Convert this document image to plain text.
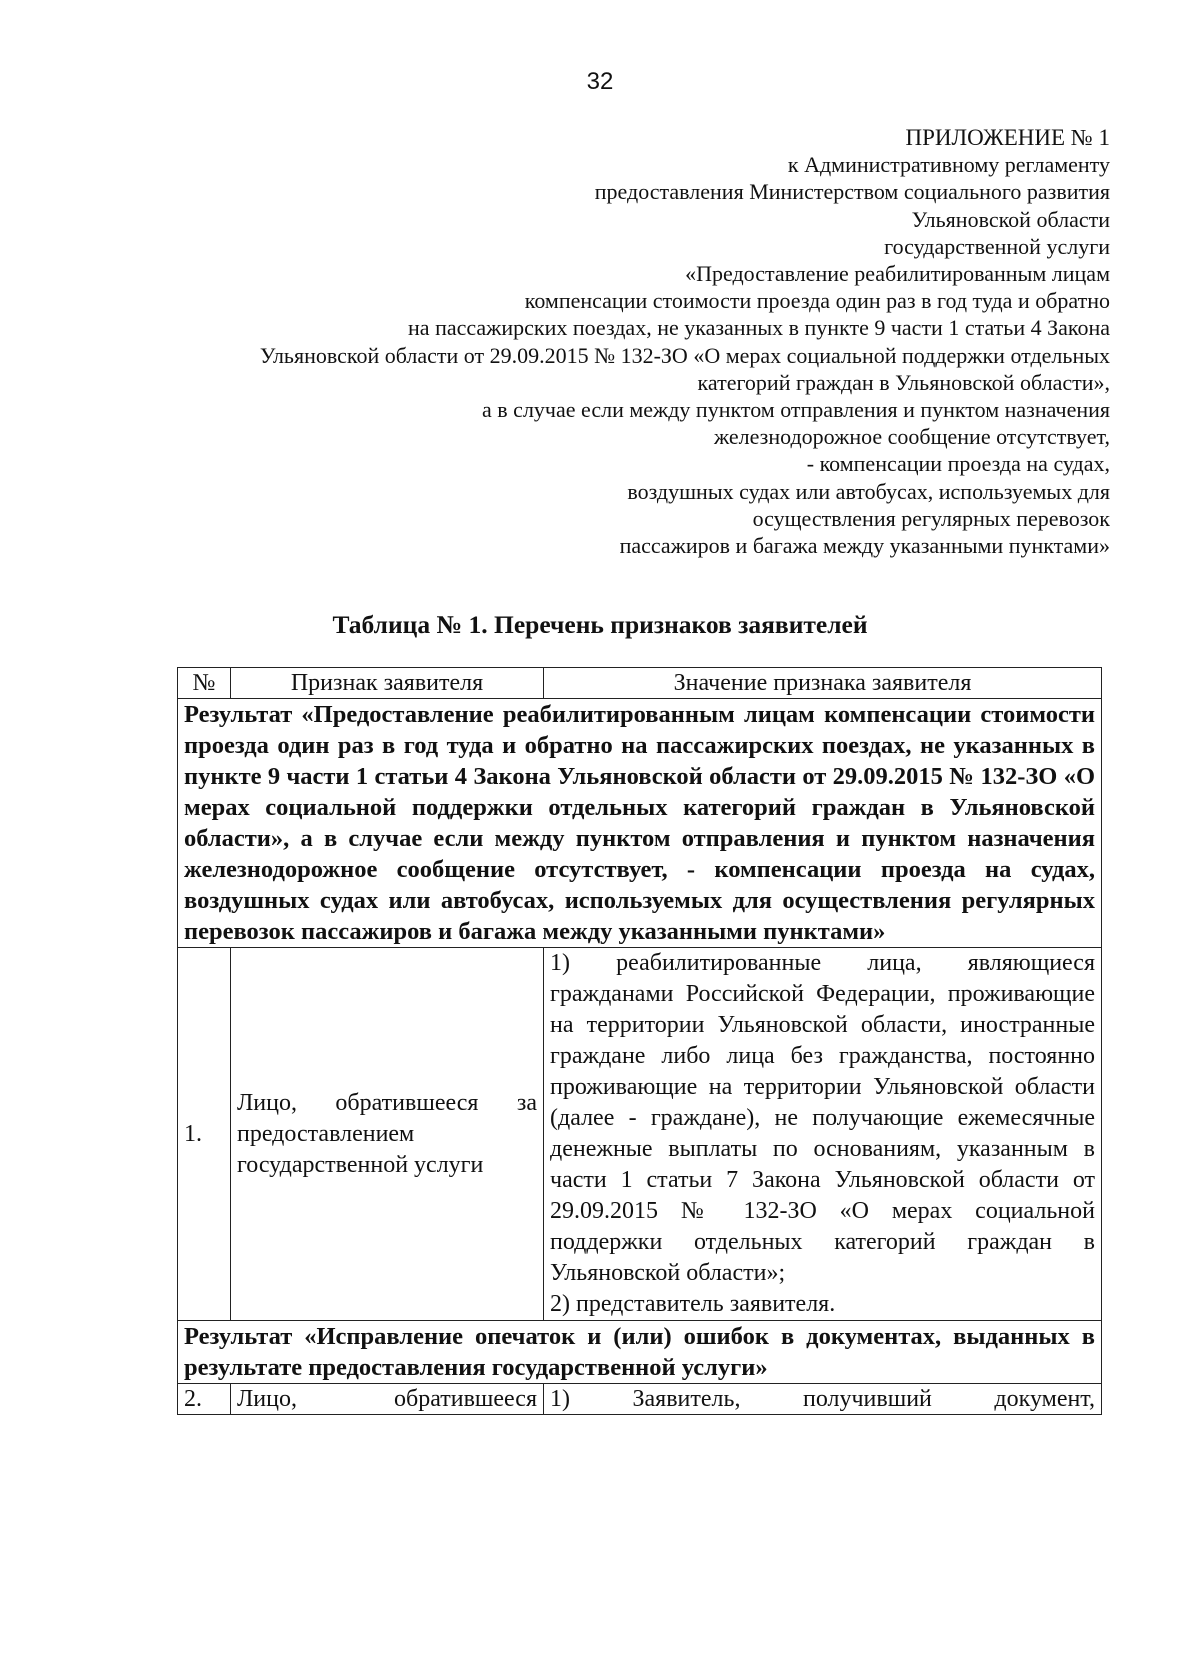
32
ПРИЛОЖЕНИЕ № 1
к Административному регламенту
предоставления Министерством социального развития
Ульяновской области
государственной услуги
«Предоставление реабилитированным лицам
компенсации стоимости проезда один раз в год туда и обратно
на пассажирских поездах, не указанных в пункте 9 части 1 статьи 4 Закона
Ульяновской области от 29.09.2015 № 132-ЗО «О мерах социальной поддержки отдельных
категорий граждан в Ульяновской области»,
а в случае если между пунктом отправления и пунктом назначения
железнодорожное сообщение отсутствует,
- компенсации проезда на судах,
воздушных судах или автобусах, используемых для
осуществления регулярных перевозок
пассажиров и багажа между указанными пунктами»
Таблица № 1. Перечень признаков заявителей
№	Признак заявителя	Значение признака заявителя
Результат «Предоставление реабилитированным лицам компенсации стоимости проезда один раз в год туда и обратно на пассажирских поездах, не указанных в пункте 9 части 1 статьи 4 Закона Ульяновской области от 29.09.2015 № 132-ЗО «О мерах социальной поддержки отдельных категорий граждан в Ульяновской области», а в случае если между пунктом отправления и пунктом назначения железнодорожное сообщение отсутствует, - компенсации проезда на судах, воздушных судах или автобусах, используемых для осуществления регулярных перевозок пассажиров и багажа между указанными пунктами»		
1.	Лицо, обратившееся за предоставлением государственной услуги	1) реабилитированные лица, являющиеся гражданами Российской Федерации, проживающие на территории Ульяновской области, иностранные граждане либо лица без гражданства, постоянно проживающие на территории Ульяновской области (далее - граждане), не получающие ежемесячные денежные выплаты по основаниям, указанным в части 1 статьи 7 Закона Ульяновской области от 29.09.2015 № 132-ЗО «О мерах социальной поддержки отдельных категорий граждан в Ульяновской области»;
2) представитель заявителя.

Результат «Исправление опечаток и (или) ошибок в документах, выданных в результате предоставления государственной услуги»		
2.	Лицо, обратившееся	1) Заявитель, получивший документ,
